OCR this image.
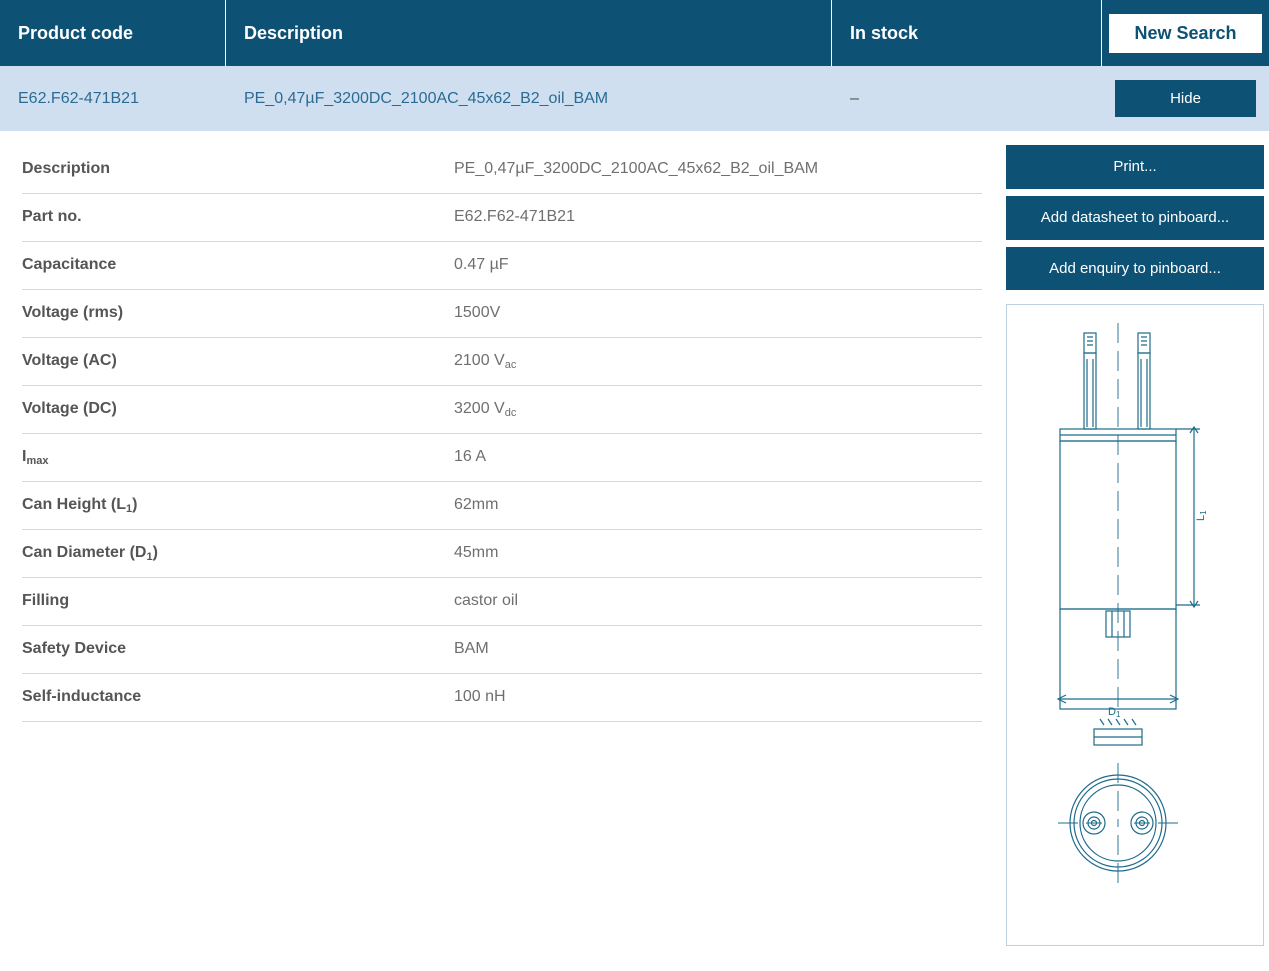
Product code	Description	In stock	New Search
E62.F62-471B21	PE_0,47µF_3200DC_2100AC_45x62_B2_oil_BAM	–	Hide
Description	PE_0,47µF_3200DC_2100AC_45x62_B2_oil_BAM
Part no.	E62.F62-471B21
Capacitance	0.47 µF
Voltage (rms)	1500V
Voltage (AC)	2100 $V_{ac}$
Voltage (DC)	3200 $V_{dc}$
$I_{max}$	16 A
Can Height $(L_1)$	62mm
Can Diameter $(D_1)$	45mm
Filling	castor oil
Safety Device	BAM
Self-inductance	100 nH
Print...
Add datasheet to pinboard...
Add enquiry to pinboard...
L1
D1
